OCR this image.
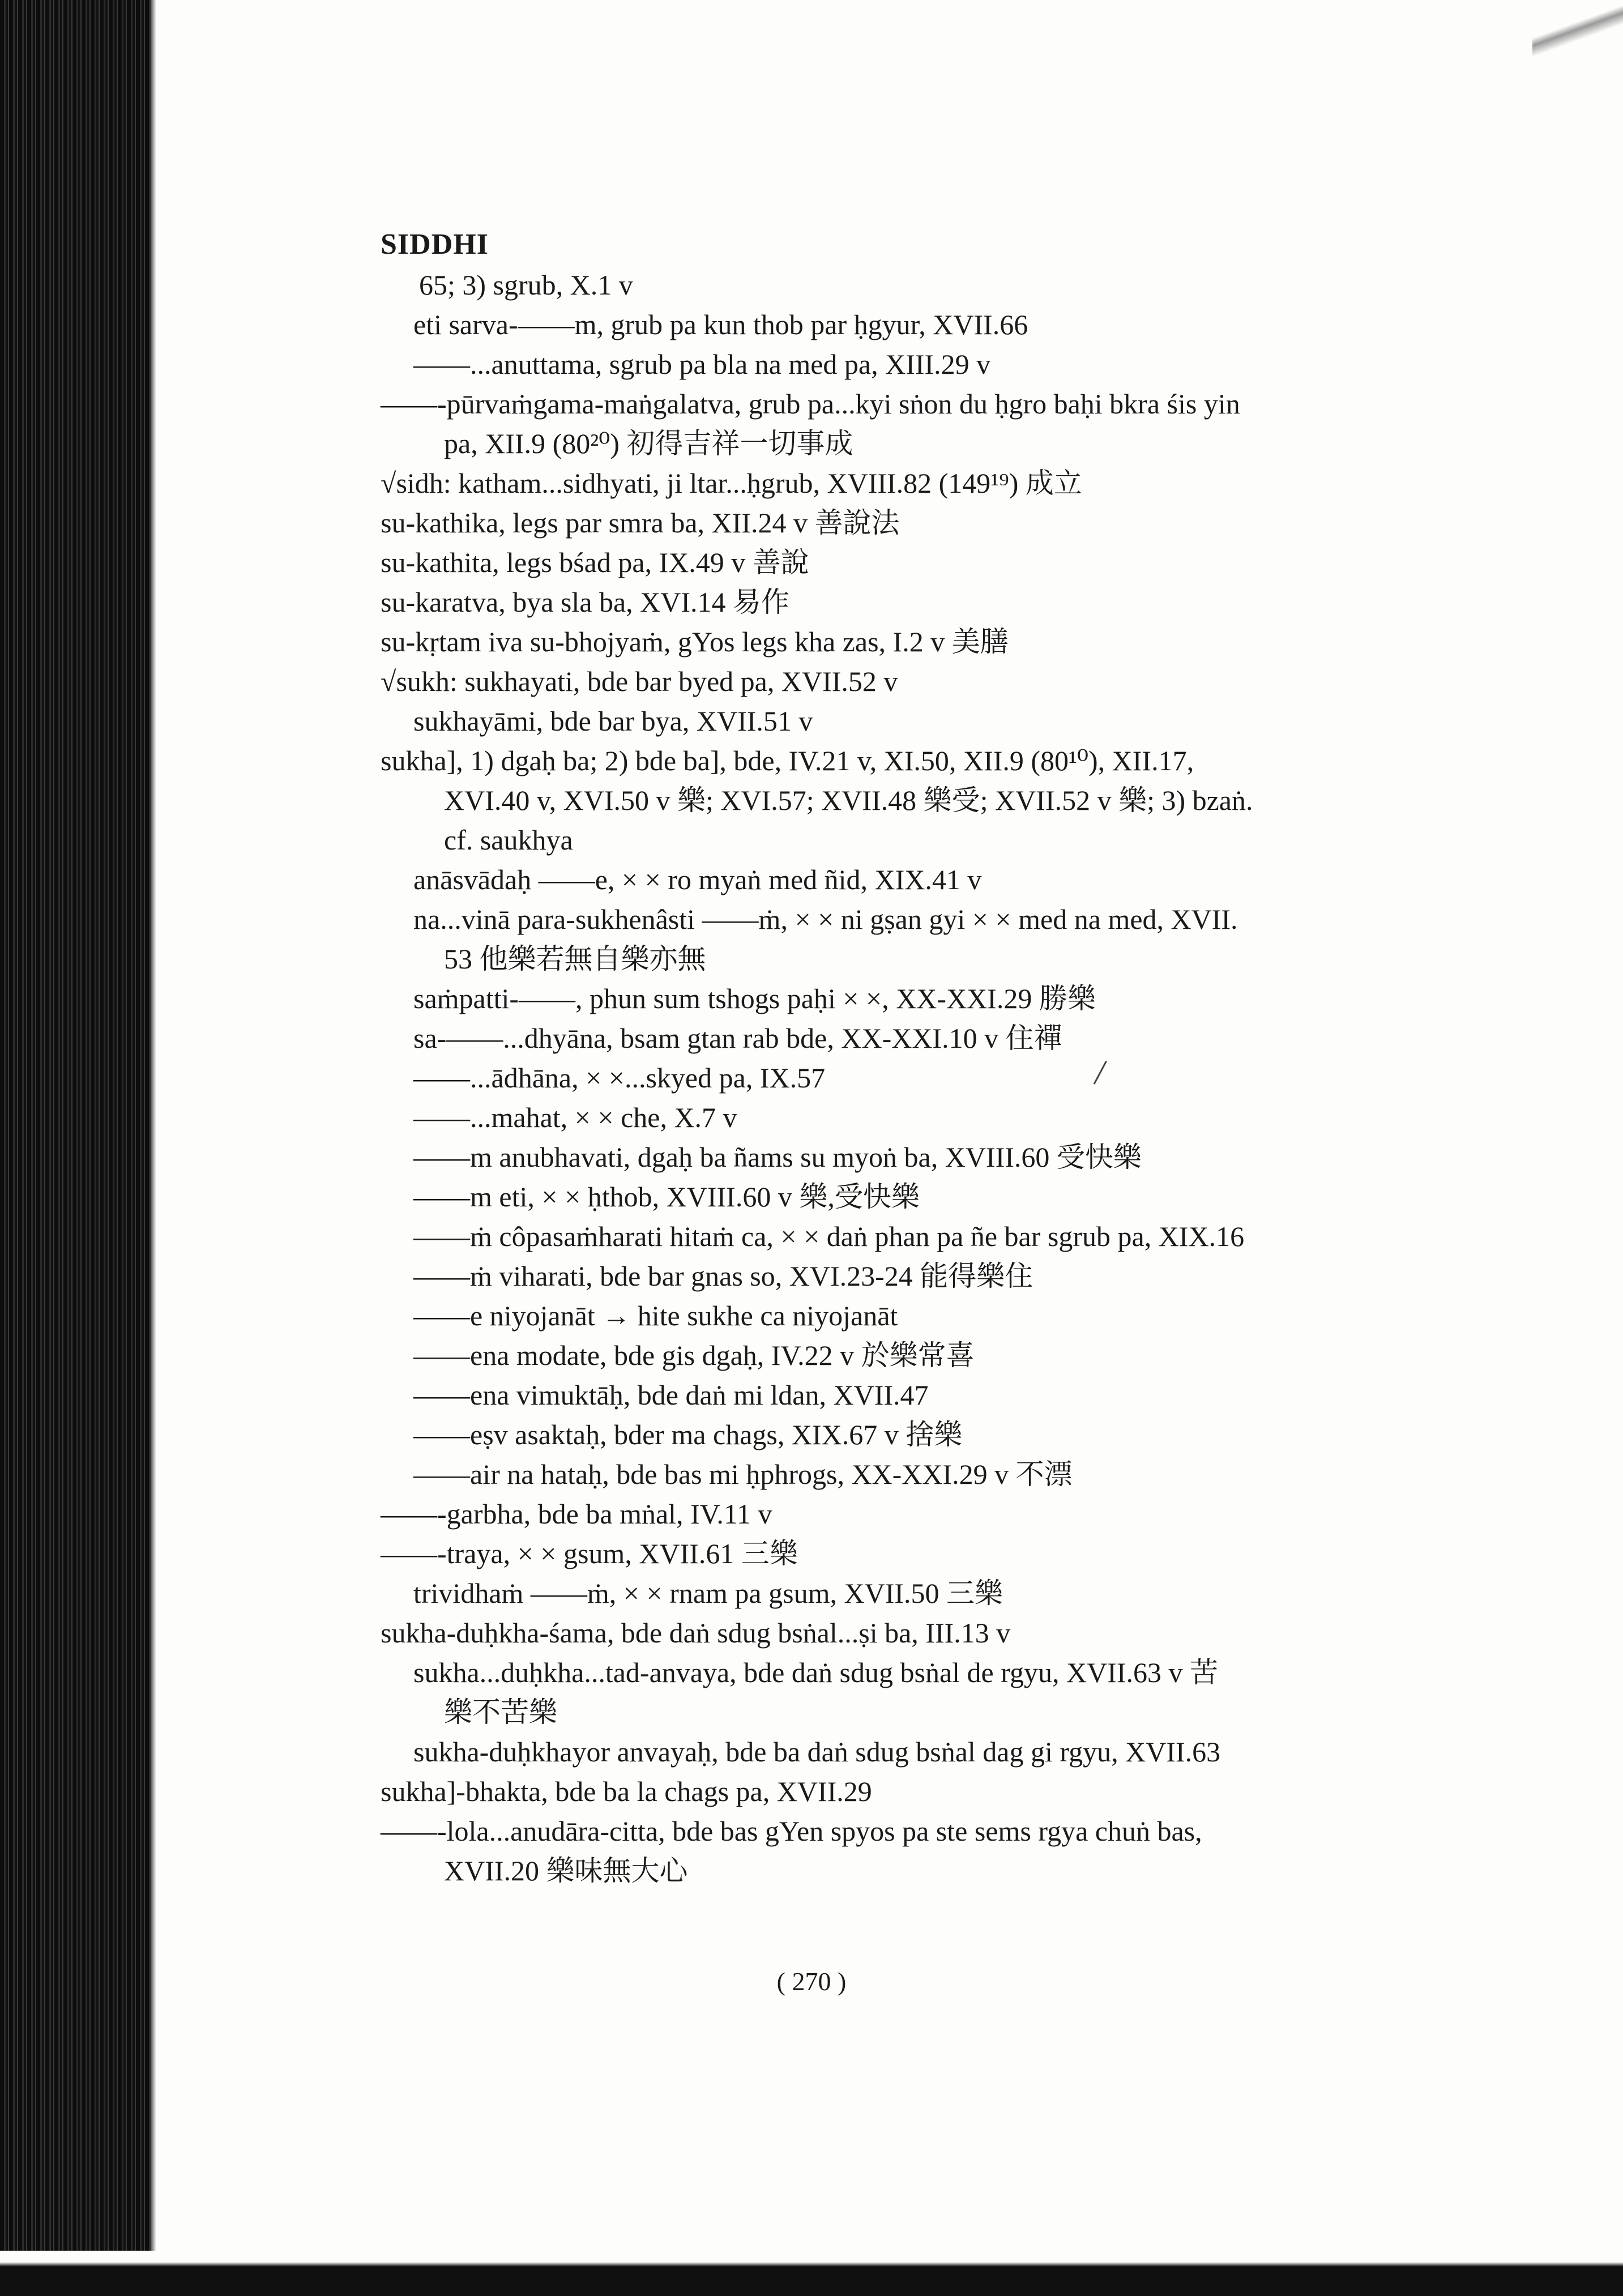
SIDDHI
65; 3) sgrub, X.1 v
eti sarva-——m, grub pa kun thob par ḥgyur, XVII.66
——...anuttama, sgrub pa bla na med pa, XIII.29 v
——-pūrvaṁgama-maṅgalatva, grub pa...kyi sṅon du ḥgro baḥi bkra śis yin
pa, XII.9 (80²⁰) 初得吉祥一切事成
√sidh: katham...sidhyati, ji ltar...ḥgrub, XVIII.82 (149¹⁹) 成立
su-kathika, legs par smra ba, XII.24 v 善說法
su-kathita, legs bśad pa, IX.49 v 善說
su-karatva, bya sla ba, XVI.14 易作
su-kṛtam iva su-bhojyaṁ, gYos legs kha zas, I.2 v 美膳
√sukh: sukhayati, bde bar byed pa, XVII.52 v
sukhayāmi, bde bar bya, XVII.51 v
sukha], 1) dgaḥ ba; 2) bde ba], bde, IV.21 v, XI.50, XII.9 (80¹⁰), XII.17,
XVI.40 v, XVI.50 v 樂; XVI.57; XVII.48 樂受; XVII.52 v 樂; 3) bzaṅ.
cf. saukhya
anāsvādaḥ ——e, × × ro myaṅ med ñid, XIX.41 v
na...vinā para-sukhenâsti ——ṁ, × × ni gṣan gyi × × med na med, XVII.
53 他樂若無自樂亦無
saṁpatti-——, phun sum tshogs paḥi × ×, XX-XXI.29 勝樂
sa-——...dhyāna, bsam gtan rab bde, XX-XXI.10 v 住禪
——...ādhāna, × ×...skyed pa, IX.57
——...mahat, × × che, X.7 v
——m anubhavati, dgaḥ ba ñams su myoṅ ba, XVIII.60 受快樂
——m eti, × × ḥthob, XVIII.60 v 樂,受快樂
——ṁ côpasaṁharati hitaṁ ca, × × daṅ phan pa ñe bar sgrub pa, XIX.16
——ṁ viharati, bde bar gnas so, XVI.23-24 能得樂住
——e niyojanāt → hite sukhe ca niyojanāt
——ena modate, bde gis dgaḥ, IV.22 v 於樂常喜
——ena vimuktāḥ, bde daṅ mi ldan, XVII.47
——eṣv asaktaḥ, bder ma chags, XIX.67 v 捨樂
——air na hataḥ, bde bas mi ḥphrogs, XX-XXI.29 v 不漂
——-garbha, bde ba mṅal, IV.11 v
——-traya, × × gsum, XVII.61 三樂
trividhaṁ ——ṁ, × × rnam pa gsum, XVII.50 三樂
sukha-duḥkha-śama, bde daṅ sdug bsṅal...ṣi ba, III.13 v
sukha...duḥkha...tad-anvaya, bde daṅ sdug bsṅal de rgyu, XVII.63 v 苦
樂不苦樂
sukha-duḥkhayor anvayaḥ, bde ba daṅ sdug bsṅal dag gi rgyu, XVII.63
sukha]-bhakta, bde ba la chags pa, XVII.29
——-lola...anudāra-citta, bde bas gYen spyos pa ste sems rgya chuṅ bas,
XVII.20 樂味無大心
( 270 )
